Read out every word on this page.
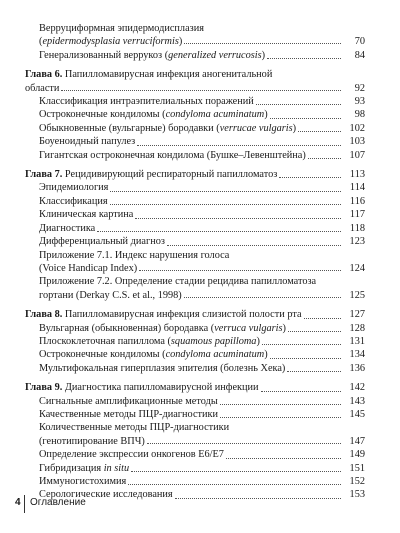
Верруциформная эпидермодисплазия
(epidermodysplasia verruciformis)	70
Генерализованный веррукоз (generalized verrucosis)	84
Глава 6. Папилломавирусная инфекция аногенитальной
области	92
Классификация интраэпителиальных поражений	93
Остроконечные кондиломы (condyloma acuminatum)	98
Обыкновенные (вульгарные) бородавки (verrucae vulgaris)	102
Боуеноидный папулез	103
Гигантская остроконечная кондилома (Бушке–Левенштейна)	107
Глава 7. Рецидивирующий респираторный папилломатоз	113
Эпидемиология	114
Классификация	116
Клиническая картина	117
Диагностика	118
Дифференциальный диагноз	123
Приложение 7.1. Индекс нарушения голоса
(Voice Handicap Index)	124
Приложение 7.2. Определение стадии рецидива папилломатоза
гортани (Derkay C.S. et al., 1998)	125
Глава 8. Папилломавирусная инфекция слизистой полости рта	127
Вульгарная (обыкновенная) бородавка (verruca vulgaris)	128
Плоскоклеточная папиллома (squamous papilloma)	131
Остроконечные кондиломы (condyloma acuminatum)	134
Мультифокальная гиперплазия эпителия (болезнь Хека)	136
Глава 9. Диагностика папилломавирусной инфекции	142
Сигнальные амплификационные методы	143
Качественные методы ПЦР-диагностики	145
Количественные методы ПЦР-диагностики
(генотипирование ВПЧ)	147
Определение экспрессии онкогенов E6/E7	149
Гибридизация in situ	151
Иммуногистохимия	152
Серологические исследования	153
4 Оглавление
